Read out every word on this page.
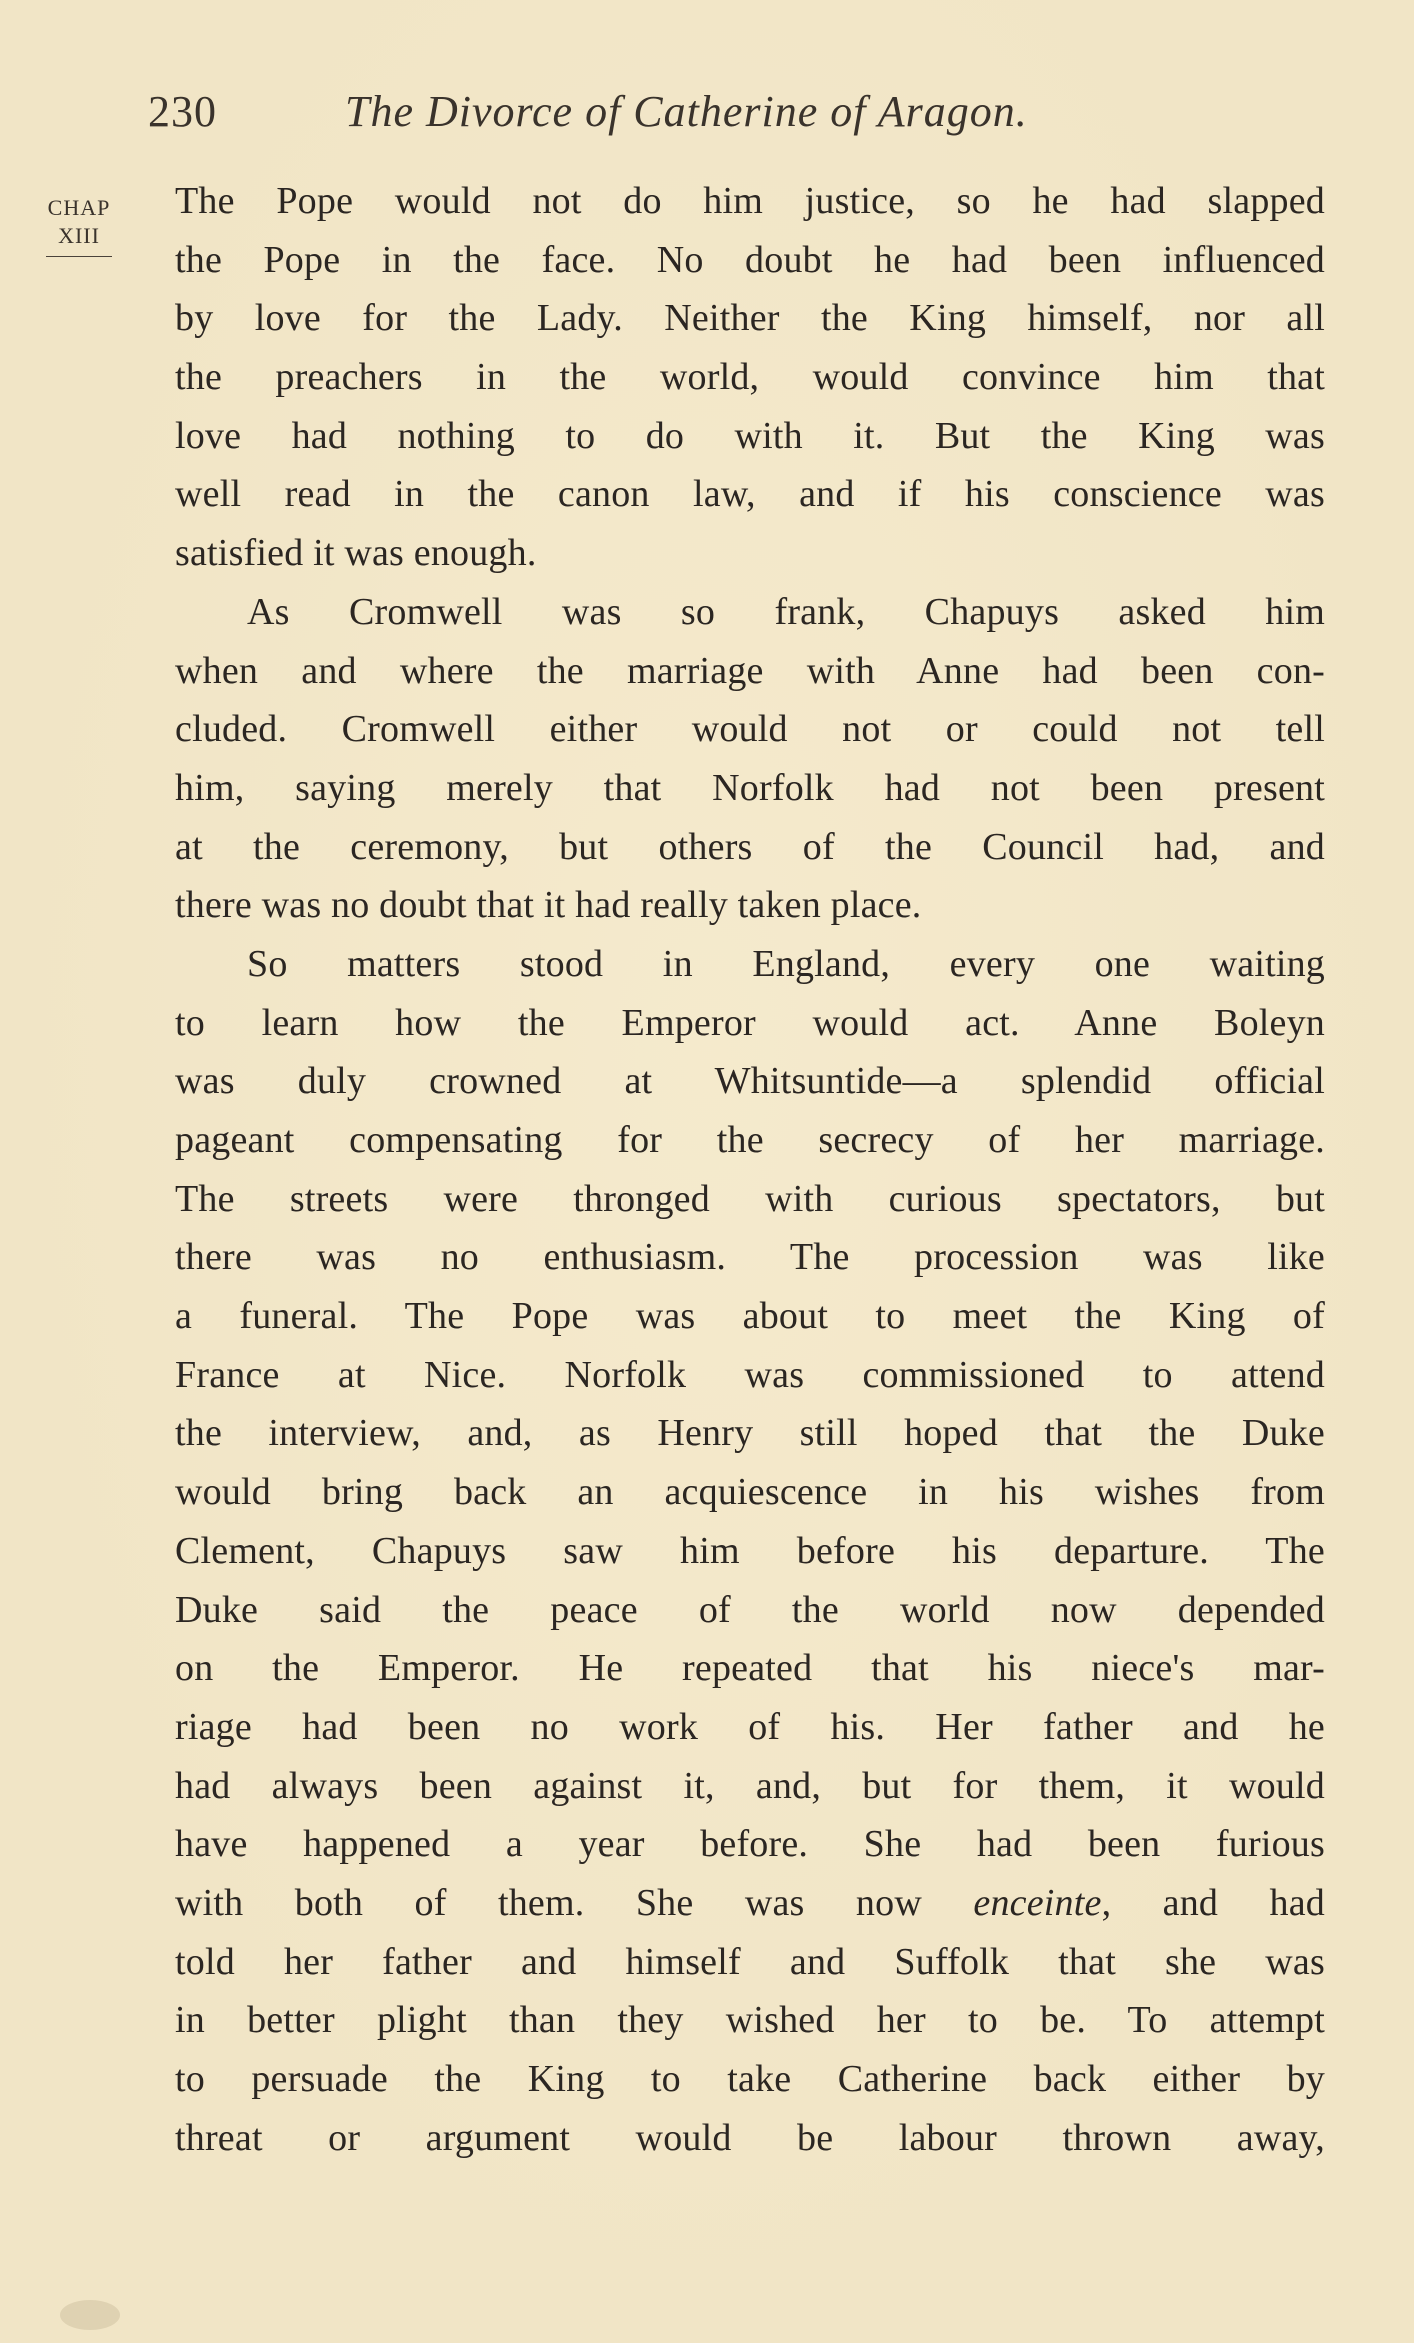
230	The Divorce of Catherine of Aragon.
CHAP
XIII
The Pope would not do him justice, so he had slapped
the Pope in the face. No doubt he had been influenced
by love for the Lady. Neither the King himself, nor all
the preachers in the world, would convince him that
love had nothing to do with it. But the King was
well read in the canon law, and if his conscience was
satisfied it was enough.
As Cromwell was so frank, Chapuys asked him
when and where the marriage with Anne had been con-
cluded. Cromwell either would not or could not tell
him, saying merely that Norfolk had not been present
at the ceremony, but others of the Council had, and
there was no doubt that it had really taken place.
So matters stood in England, every one waiting
to learn how the Emperor would act. Anne Boleyn
was duly crowned at Whitsuntide—a splendid official
pageant compensating for the secrecy of her marriage.
The streets were thronged with curious spectators, but
there was no enthusiasm. The procession was like
a funeral. The Pope was about to meet the King of
France at Nice. Norfolk was commissioned to attend
the interview, and, as Henry still hoped that the Duke
would bring back an acquiescence in his wishes from
Clement, Chapuys saw him before his departure. The
Duke said the peace of the world now depended
on the Emperor. He repeated that his niece's mar-
riage had been no work of his. Her father and he
had always been against it, and, but for them, it would
have happened a year before. She had been furious
with both of them. She was now enceinte, and had
told her father and himself and Suffolk that she was
in better plight than they wished her to be. To attempt
to persuade the King to take Catherine back either by
threat or argument would be labour thrown away,
